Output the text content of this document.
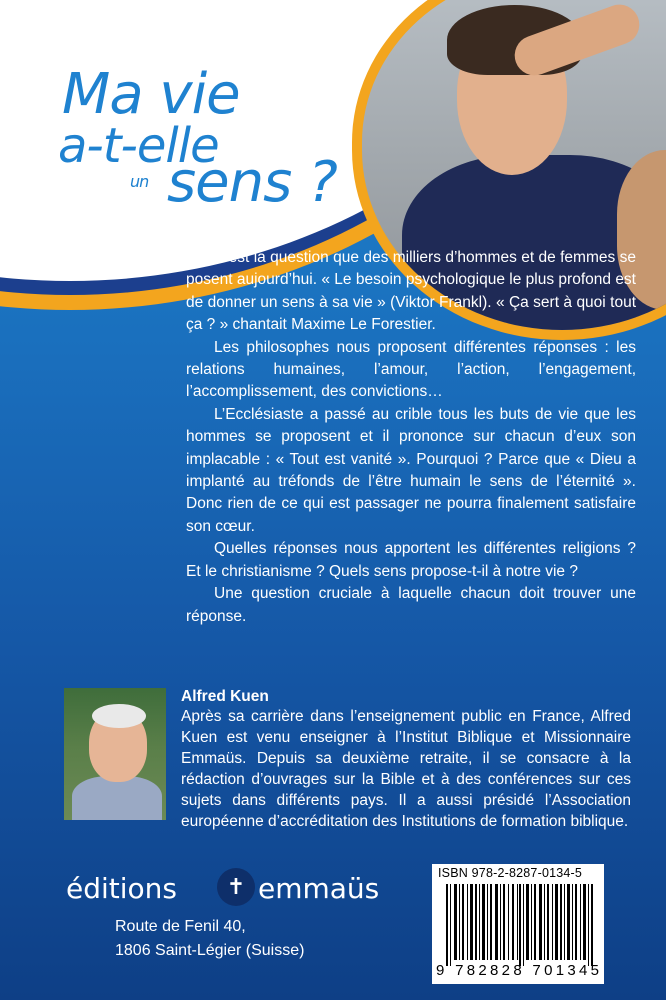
Ma vie
a-t-elle
un sens ?

C’est la question que des milliers d’hommes et de femmes se posent aujourd’hui. « Le besoin psychologique le plus profond est de donner un sens à sa vie » (Viktor Frankl). « Ça sert à quoi tout ça ? » chantait Maxime Le Forestier.

Les philosophes nous proposent différentes réponses : les relations humaines, l’amour, l’action, l’engagement, l’accomplissement, des convictions…

L’Ecclésiaste a passé au crible tous les buts de vie que les hommes se proposent et il prononce sur chacun d’eux son implacable : « Tout est vanité ». Pourquoi ? Parce que « Dieu a implanté au tréfonds de l’être humain le sens de l’éternité ». Donc rien de ce qui est passager ne pourra finalement satisfaire son cœur.

Quelles réponses nous apportent les différentes religions ? Et le christianisme ? Quels sens propose-t-il à notre vie ?

Une question cruciale à laquelle chacun doit trouver une réponse.

Alfred Kuen

Après sa carrière dans l’enseignement public en France, Alfred Kuen est venu enseigner à l’Institut Biblique et Missionnaire Emmaüs. Depuis sa deuxième retraite, il se consacre à la rédaction d’ouvrages sur la Bible et à des conférences sur ces sujets dans différents pays. Il a aussi présidé l’Association européenne d’accréditation des Institutions de formation biblique.

éditions ✝ emmaüs
Route de Fenil 40,
1806 Saint-Légier (Suisse)
ISBN 978-2-8287-0134-5
9 782828 701345
